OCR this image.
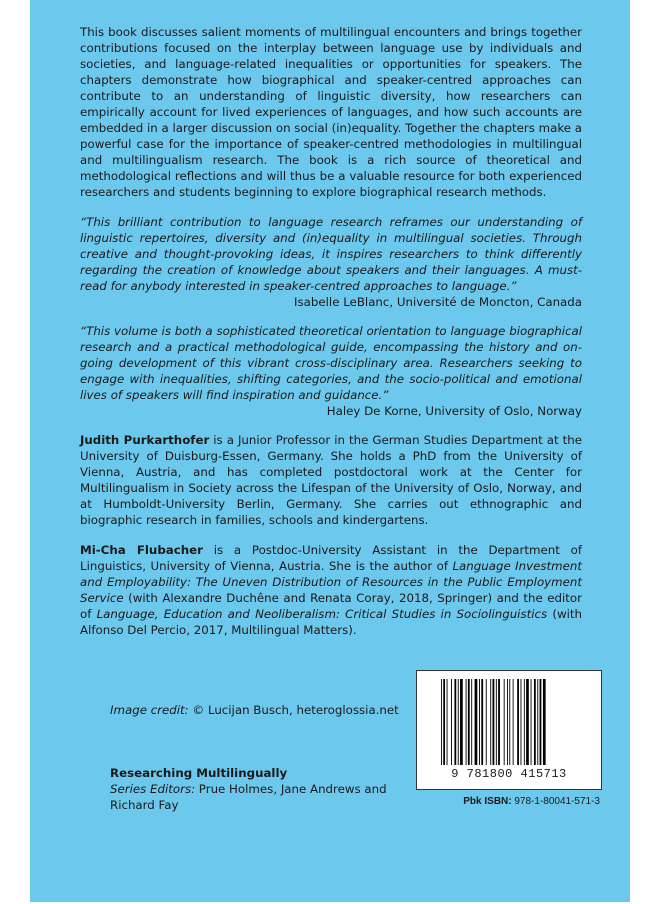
This book discusses salient moments of multilingual encounters and brings together contributions focused on the interplay between language use by individuals and societies, and language-related inequalities or opportunities for speakers. The chapters demonstrate how biographical and speaker-centred approaches can contribute to an understanding of linguistic diversity, how researchers can empirically account for lived experiences of languages, and how such accounts are embedded in a larger discussion on social (in)equality. Together the chapters make a powerful case for the importance of speaker-centred methodologies in multilingual and multilingualism research. The book is a rich source of theoretical and methodological reflections and will thus be a valuable resource for both experienced researchers and students beginning to explore biographical research methods.

“This brilliant contribution to language research reframes our understanding of linguistic repertoires, diversity and (in)equality in multilingual societies. Through creative and thought-provoking ideas, it inspires researchers to think differently regarding the creation of knowledge about speakers and their languages. A must-read for anybody interested in speaker-centred approaches to language.”

Isabelle LeBlanc, Université de Moncton, Canada

“This volume is both a sophisticated theoretical orientation to language biographical research and a practical methodological guide, encompassing the history and on-going development of this vibrant cross-disciplinary area. Researchers seeking to engage with inequalities, shifting categories, and the socio-political and emotional lives of speakers will find inspiration and guidance.”

Haley De Korne, University of Oslo, Norway

Judith Purkarthofer is a Junior Professor in the German Studies Department at the University of Duisburg-Essen, Germany. She holds a PhD from the University of Vienna, Austria, and has completed postdoctoral work at the Center for Multilingualism in Society across the Lifespan of the University of Oslo, Norway, and at Humboldt-University Berlin, Germany. She carries out ethnographic and biographic research in families, schools and kindergartens.

Mi-Cha Flubacher is a Postdoc-University Assistant in the Department of Linguistics, University of Vienna, Austria. She is the author of Language Investment and Employability: The Uneven Distribution of Resources in the Public Employment Service (with Alexandre Duchêne and Renata Coray, 2018, Springer) and the editor of Language, Education and Neoliberalism: Critical Studies in Sociolinguistics (with Alfonso Del Percio, 2017, Multilingual Matters).

Image credit: © Lucijan Busch, heteroglossia.net
Researching Multilingually
Series Editors: Prue Holmes, Jane Andrews and Richard Fay
9 781800 415713
Pbk ISBN: 978-1-80041-571-3
